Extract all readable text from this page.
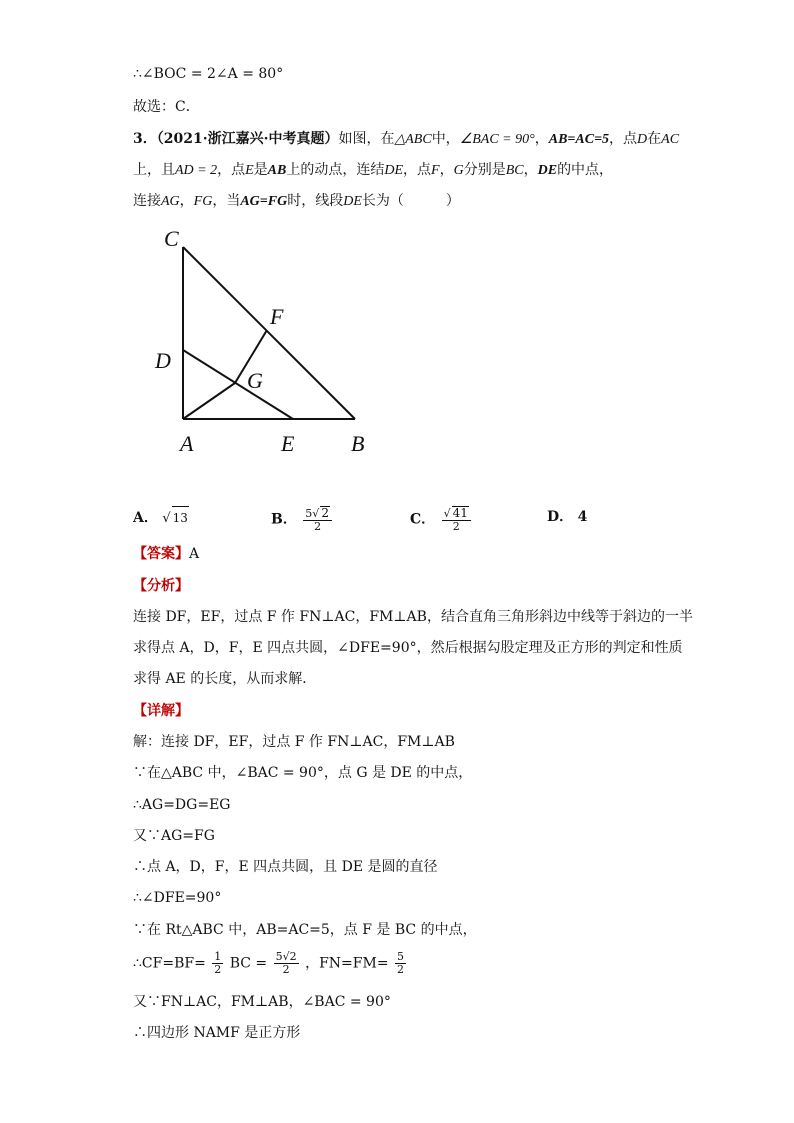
∴∠BOC = 2∠A = 80°
故选：C．
3．（2021·浙江嘉兴·中考真题）如图，在△ABC中，∠BAC = 90°，AB=AC=5，点D在AC
上，且AD = 2，点E是AB上的动点，连结DE，点F，G分别是BC，DE的中点，
连接AG，FG，当AG=FG时，线段DE长为（　　　）
C
F
D
G
A	E	B
A． √ 13	B． $\frac{5√ 2}{2}$	C． $\frac{√ 41}{2}$	D． 4
【答案】A
【分析】
连接 DF，EF，过点 F 作 FN⊥AC，FM⊥AB，结合直角三角形斜边中线等于斜边的一半
求得点 A，D，F，E 四点共圆，∠DFE=90°，然后根据勾股定理及正方形的判定和性质
求得 AE 的长度，从而求解．
【详解】
解：连接 DF，EF，过点 F 作 FN⊥AC，FM⊥AB
∵在△ABC 中，∠BAC = 90°，点 G 是 DE 的中点，
∴AG=DG=EG
又∵AG=FG
∴点 A，D，F，E 四点共圆，且 DE 是圆的直径
∴∠DFE=90°
∵在 Rt△ABC 中，AB=AC=5，点 F 是 BC 的中点，
∴CF=BF= $\frac{1}{2}$ BC = $\frac{5√2}{2}$ ，$FN=FM= \frac{5}{2}$
又∵FN⊥AC，FM⊥AB，∠BAC = 90°
∴四边形 NAMF 是正方形
